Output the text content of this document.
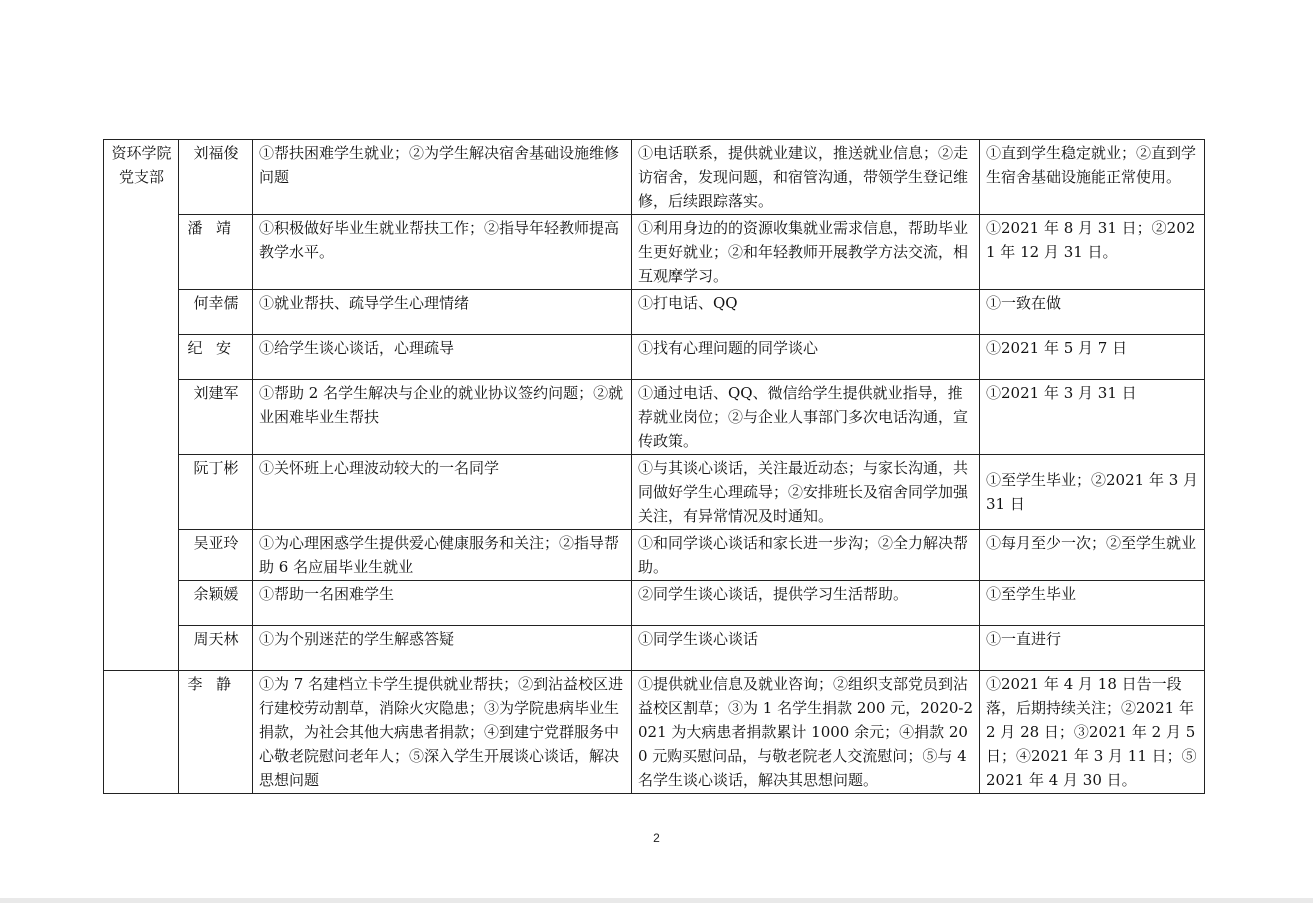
资环学院党支部	刘福俊	①帮扶困难学生就业；②为学生解决宿舍基础设施维修问题	①电话联系，提供就业建议，推送就业信息；②走访宿舍，发现问题，和宿管沟通，带领学生登记维修，后续跟踪落实。	①直到学生稳定就业；②直到学生宿舍基础设施能正常使用。
	潘靖	①积极做好毕业生就业帮扶工作；②指导年轻教师提高教学水平。	①利用身边的的资源收集就业需求信息，帮助毕业生更好就业；②和年轻教师开展教学方法交流，相互观摩学习。	①2021 年 8 月 31 日；②2021 年 12 月 31 日。
	何幸儒	①就业帮扶、疏导学生心理情绪	①打电话、QQ	①一致在做
	纪安	①给学生谈心谈话，心理疏导	①找有心理问题的同学谈心	①2021 年 5 月 7 日
	刘建军	①帮助 2 名学生解决与企业的就业协议签约问题；②就业困难毕业生帮扶	①通过电话、QQ、微信给学生提供就业指导，推荐就业岗位；②与企业人事部门多次电话沟通，宣传政策。	①2021 年 3 月 31 日
	阮丁彬	①关怀班上心理波动较大的一名同学	①与其谈心谈话，关注最近动态；与家长沟通，共同做好学生心理疏导；②安排班长及宿舍同学加强关注，有异常情况及时通知。	①至学生毕业；②2021 年 3 月 31 日
	吴亚玲	①为心理困惑学生提供爱心健康服务和关注；②指导帮助 6 名应届毕业生就业	①和同学谈心谈话和家长进一步沟；②全力解决帮助。	①每月至少一次；②至学生就业
	余颖媛	①帮助一名困难学生	②同学生谈心谈话，提供学习生活帮助。	①至学生毕业
	周天林	①为个别迷茫的学生解惑答疑	①同学生谈心谈话	①一直进行
	李静	①为 7 名建档立卡学生提供就业帮扶；②到沾益校区进行建校劳动割草，消除火灾隐患；③为学院患病毕业生捐款，为社会其他大病患者捐款；④到建宁党群服务中心敬老院慰问老年人；⑤深入学生开展谈心谈话，解决思想问题	①提供就业信息及就业咨询；②组织支部党员到沾益校区割草；③为 1 名学生捐款 200 元，2020-2021 为大病患者捐款累计 1000 余元；④捐款 200 元购买慰问品，与敬老院老人交流慰问；⑤与 4 名学生谈心谈话，解决其思想问题。	①2021 年 4 月 18 日告一段落，后期持续关注；②2021 年 2 月 28 日；③2021 年 2 月 5 日；④2021 年 3 月 11 日；⑤2021 年 4 月 30 日。
2
